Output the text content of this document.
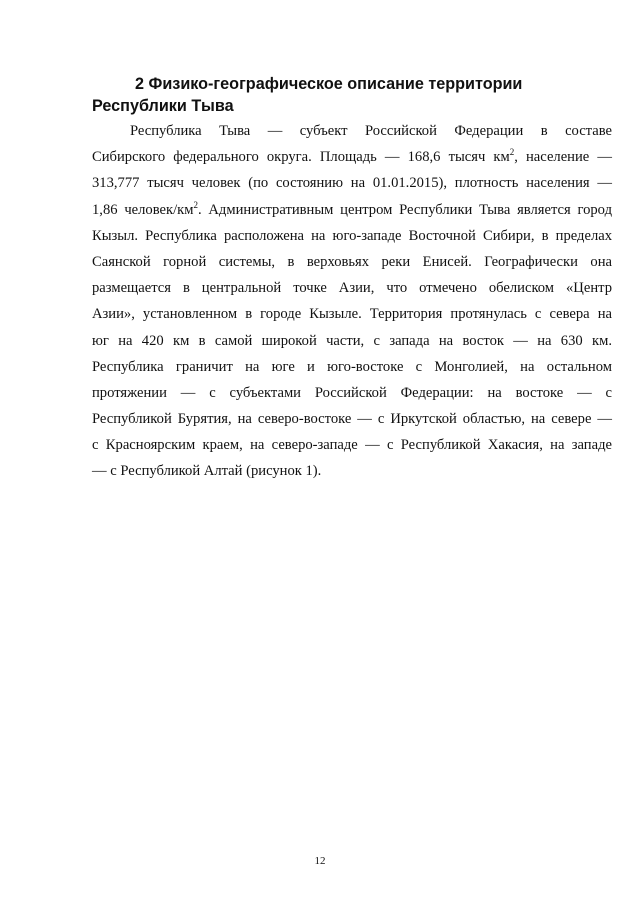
2 Физико-географическое описание территории
Республики Тыва
Республика Тыва — субъект Российской Федерации в составе
Сибирского федерального округа. Площадь — 168,6 тысяч $км^2$, население —
313,777 тысяч человек (по состоянию на 01.01.2015), плотность населения —
1,86 человек/$км^2$. Административным центром Республики Тыва является город
Кызыл. Республика расположена на юго-западе Восточной Сибири, в пределах
Саянской горной системы, в верховьях реки Енисей. Географически она
размещается в центральной точке Азии, что отмечено обелиском «Центр
Азии», установленном в городе Кызыле. Территория протянулась с севера на
юг на 420 км в самой широкой части, с запада на восток — на 630 км.
Республика граничит на юге и юго-востоке с Монголией, на остальном
протяжении — с субъектами Российской Федерации: на востоке — с
Республикой Бурятия, на северо-востоке — с Иркутской областью, на севере —
с Красноярским краем, на северо-западе — с Республикой Хакасия, на западе
— с Республикой Алтай (рисунок 1).
12
